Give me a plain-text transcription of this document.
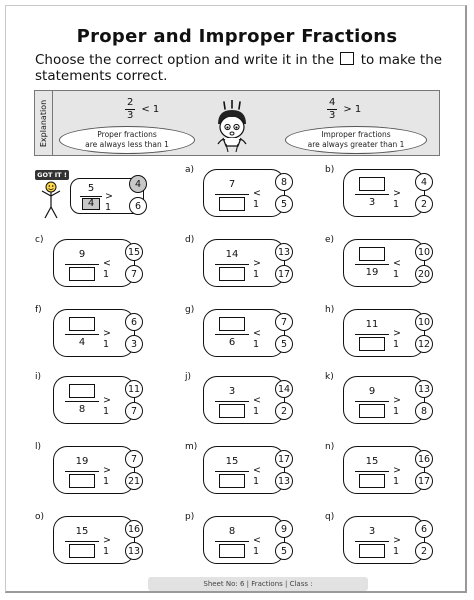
Proper and Improper Fractions
Choose the correct option and write it in the to make the statements correct.
Explanation	$\frac{2}{3} < 1$	$\frac{4}{3} > 1$
Proper fractions
are always less than 1
Improper fractions
are always greater than 1
GOT IT !
5
4
> 1
4
6
a)
7
< 1
8
5
b)
3
> 1
4
2
c)
9
< 1
15
7
d)
14
> 1
13
17
e)
19
< 1
10
20
f)
4
> 1
6
3
g)
6
< 1
7
5
h)
11
> 1
10
12
i)
8
> 1
11
7
j)
3
< 1
14
2
k)
9
> 1
13
8
l)
19
> 1
7
21
m)
15
< 1
17
13
n)
15
> 1
16
17
o)
15
> 1
16
13
p)
8
< 1
9
5
q)
3
> 1
6
2
Sheet No: 6 | Fractions | Class :
